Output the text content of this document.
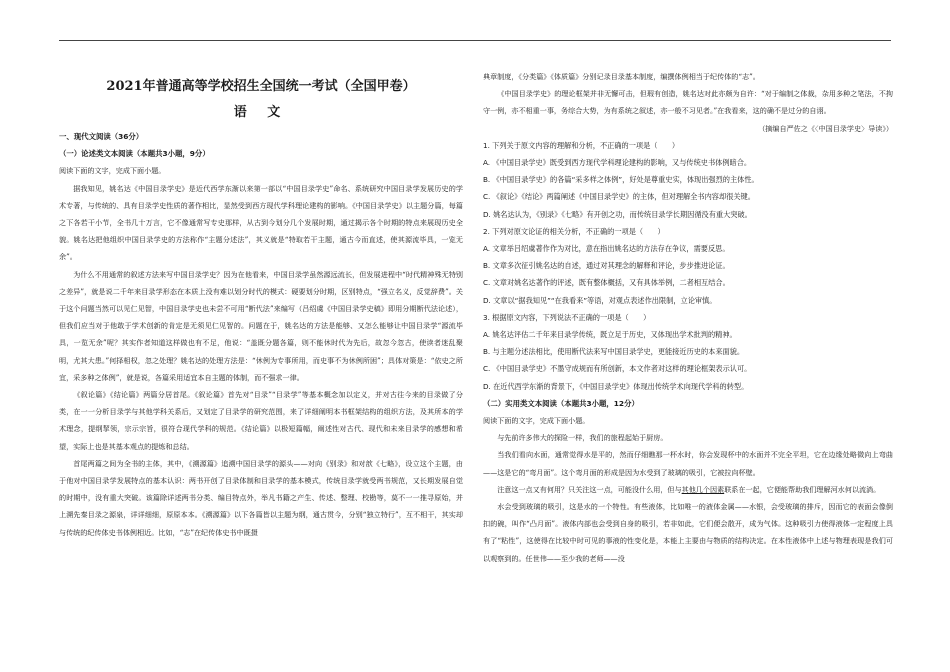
2021年普通高等学校招生全国统一考试（全国甲卷）
语 文

一、现代文阅读（36分）

（一）论述类文本阅读（本题共3小题，9分）

阅读下面的文字，完成下面小题。

据我知见，姚名达《中国目录学史》是近代西学东渐以来第一部以“中国目录学史”命名、系统研究中国目录学发展历史的学术专著，与传统的、具有目录学史性质的著作相比，显然受到西方现代学科理论建构的影响。《中国目录学史》以主题分篇，每篇之下各若干小节，全书几十万言，它不像通常写专史那样，从古到今划分几个发展时期，通过揭示各个时期的特点来展现历史全貌。姚名达把他组织中国目录学史的方法称作“主题分述法”，其义就是“特取若干主题，通古今而直述，使其源流毕具，一览无余”。

为什么不用通常的叙述方法来写中国目录学史？因为在他看来，中国目录学虽然源远流长，但发展进程中“时代精神殊无特别之差异”，就是说二千年来目录学形态在本质上没有难以划分时代的模式：硬要划分时期，区别特点，“强立名义，反觉辞费”。关于这个问题当然可以见仁见智，中国目录学史也未尝不可用“断代法”来编写（吕绍虞《中国目录学史稿》即用分期断代法论述），但我们应当对于他敢于学术创新的肯定是无须见仁见智的。问题在于，姚名达的方法是能够、又怎么能够让中国目录学“源流毕具，一览无余”呢？其实作者知道这样做也有不足，他说：“盖既分题各篇，则不能休时代为先后，故忽今忽古，使读者迷乱聚明，尤其大患。”何择相权，忽之处理？姚名达的处理方法是：“休例为专事所用，而史事不为休例所困”；具体对策是：“依史之所宜，采多种之体例”，就是说，各篇采用适宜本自主题的体制，而不强求一律。

《叙论篇》《结论篇》两篇分居首尾。《叙论篇》首先对“目录”“目录学”等基本概念加以定义，并对古往今来的目录做了分类，在一一分析目录学与其他学科关系后，又划定了目录学的研究范围，来了详细阐明本书框架结构的组织方法，及其所本的学术理念，提纲挈领，宗示宗旨，很符合现代学科的规范。《结论篇》以极短篇幅，阐述性对古代、现代和未来目录学的感想和希望，实际上也是其基本观点的提炼和总结。

首尾两篇之间为全书的主体，其中，《溯源篇》追溯中国目录学的源头——对向《别录》和对歆《七略》，设立这个主题，由于他对中国目录学发展特点的基本认识：两书开创了目录体制和目录学的基本模式，传统目录学就受两书规范，又长期发展自觉的时期中，没有重大突破。该篇除详述两书分类、编目特点外，举凡书籍之产生、传述、整理、校勘等，莫不一一推寻原始，并上溯先秦目录之源泉，详详细细，原原本本。《溯源篇》以下各篇皆以主题为纲，通古贯今，分别“独立特行”，互不相干，其实却与传统的纪传体史书体例相近。比如，“志”在纪传体史书中既摄

典章制度，《分类篇》《体质篇》分别记录目录基本制度，编撰体例相当于纪传体的“志”。

《中国目录学史》的理论框架并非无懈可击，但瑕有创造，姚名达对此亦颇为自许：“对于编制之体裁，杂用多种之笔法，不拘守一例，亦不相重一事，务综合大势，为有系统之叙述，亦一般不习见者。”在我看来，这的确不是过分的自诩。

（摘编自严佐之《〈中国目录学史〉导读》）

1. 下列关于原文内容的理解和分析，不正确的一项是（　　）

A. 《中国目录学史》既受到西方现代学科理论建构的影响，又与传统史书体例暗合。

B. 《中国目录学史》的各篇“采多样之体例”，好处是尊重史实，体现出强烈的主体性。

C. 《叙论》《结论》两篇阐述《中国目录学史》的主体，但对理解全书内容却很关键。

D. 姚名达认为，《别录》《七略》有开创之功，而传统目录学长期因循没有重大突破。

2. 下列对原文论证的相关分析，不正确的一项是（　　）

A. 文章举吕绍虞著作作为对比，意在指出姚名达的方法存在争议，需要反思。

B. 文章多次征引姚名达的自述，通过对其理念的解释和评论，步步推进论证。

C. 文章对姚名达著作的评述，既有整体概括，又有具体举例，二者相互结合。

D. 文章以“据我知见”“在我看来”等语，对观点表述作出限制，立论审慎。

3. 根据原文内容，下列说法不正确的一项是（　　）

A. 姚名达评估二千年来目录学传统，既立足于历史，又体现出学术批判的精神。

B. 与主题分述法相比，使用断代法来写中国目录学史，更能接近历史的本来面貌。

C. 《中国目录学史》不墨守成规而有所创新，本文作者对这样的理论框架表示认可。

D. 在近代西学东渐的背景下，《中国目录学史》体现出传统学术向现代学科的转型。

（二）实用类文本阅读（本题共3小题，12分）

阅读下面的文字，完成下面小题。

与先前许多伟大的探险一样，我们的旅程起始于厨房。

当我们看向水面，通常觉得水是平的，然而仔细瞧那一杯水时，你会发现杯中的水面并不完全平坦，它在边缘处略微向上弯曲——这是它的“弯月面”。这个弯月面的形成是因为水受到了玻璃的吸引，它被拉向杯壁。

注意这一点又有何用？只关注这一点，可能没什么用，但与其他几个因素联系在一起，它便能帮助我们理解河水何以流淌。

水会受到玻璃的吸引，这是水的一个特性。有些液体，比如唯一的液体金属——水银，会受玻璃的排斥，因而它的表面会像倒扣的碗，叫作“凸月面”。液体内部也会受到自身的吸引，若非如此，它们便会散开，成为气体。这种吸引力使得液体一定程度上具有了“粘性”，这使得在比较中时可见的事液的性变化是，本能上主要由与物质的结构决定。在本性液体中上述与物理表现是我们可以观察到的。任世伟——至少我的老师——没
